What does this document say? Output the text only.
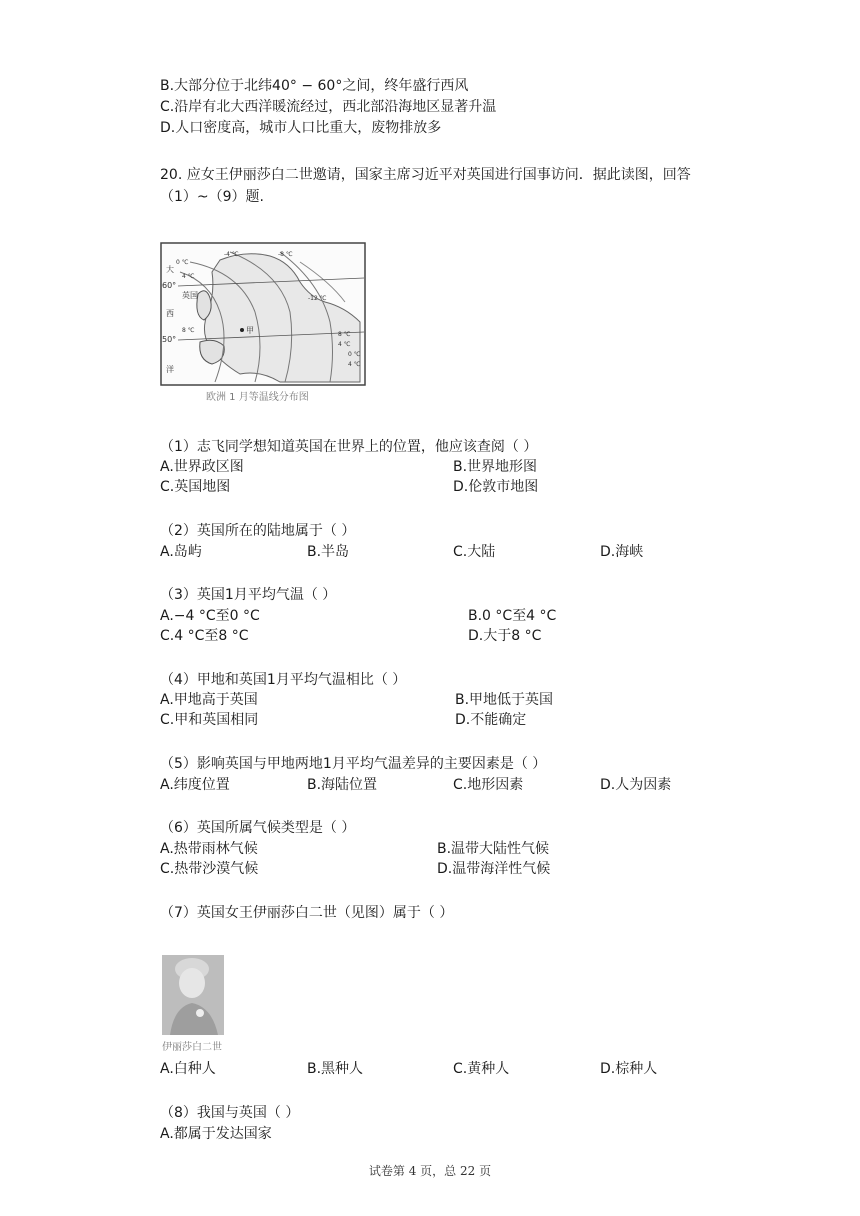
B.大部分位于北纬40° − 60°之间，终年盛行西风
C.沿岸有北大西洋暖流经过，西北部沿海地区显著升温
D.人口密度高，城市人口比重大，废物排放多
20. 应女王伊丽莎白二世邀请，国家主席习近平对英国进行国事访问．据此读图，回答
（1）~（9）题.
甲
60°
50°
英国
大
西
洋
-4 ℃	-8 ℃
0 ℃
4 ℃
8 ℃
-12 ℃
8 ℃
4 ℃
0 ℃
4 ℃
欧洲 1 月等温线分布图
（1）志飞同学想知道英国在世界上的位置，他应该查阅（ ）
A.世界政区图	B.世界地形图
C.英国地图	D.伦敦市地图
（2）英国所在的陆地属于（ ）
A.岛屿	B.半岛	C.大陆	D.海峡
（3）英国1月平均气温（ ）
A.−4 °C至0 °C	B.0 °C至4 °C
C.4 °C至8 °C	D.大于8 °C
（4）甲地和英国1月平均气温相比（ ）
A.甲地高于英国	B.甲地低于英国
C.甲和英国相同	D.不能确定
（5）影响英国与甲地两地1月平均气温差异的主要因素是（ ）
A.纬度位置	B.海陆位置	C.地形因素	D.人为因素
（6）英国所属气候类型是（ ）
A.热带雨林气候	B.温带大陆性气候
C.热带沙漠气候	D.温带海洋性气候
（7）英国女王伊丽莎白二世（见图）属于（ ）
伊丽莎白二世
A.白种人	B.黑种人	C.黄种人	D.棕种人
（8）我国与英国（ ）
A.都属于发达国家
试卷第 4 页，总 22 页
